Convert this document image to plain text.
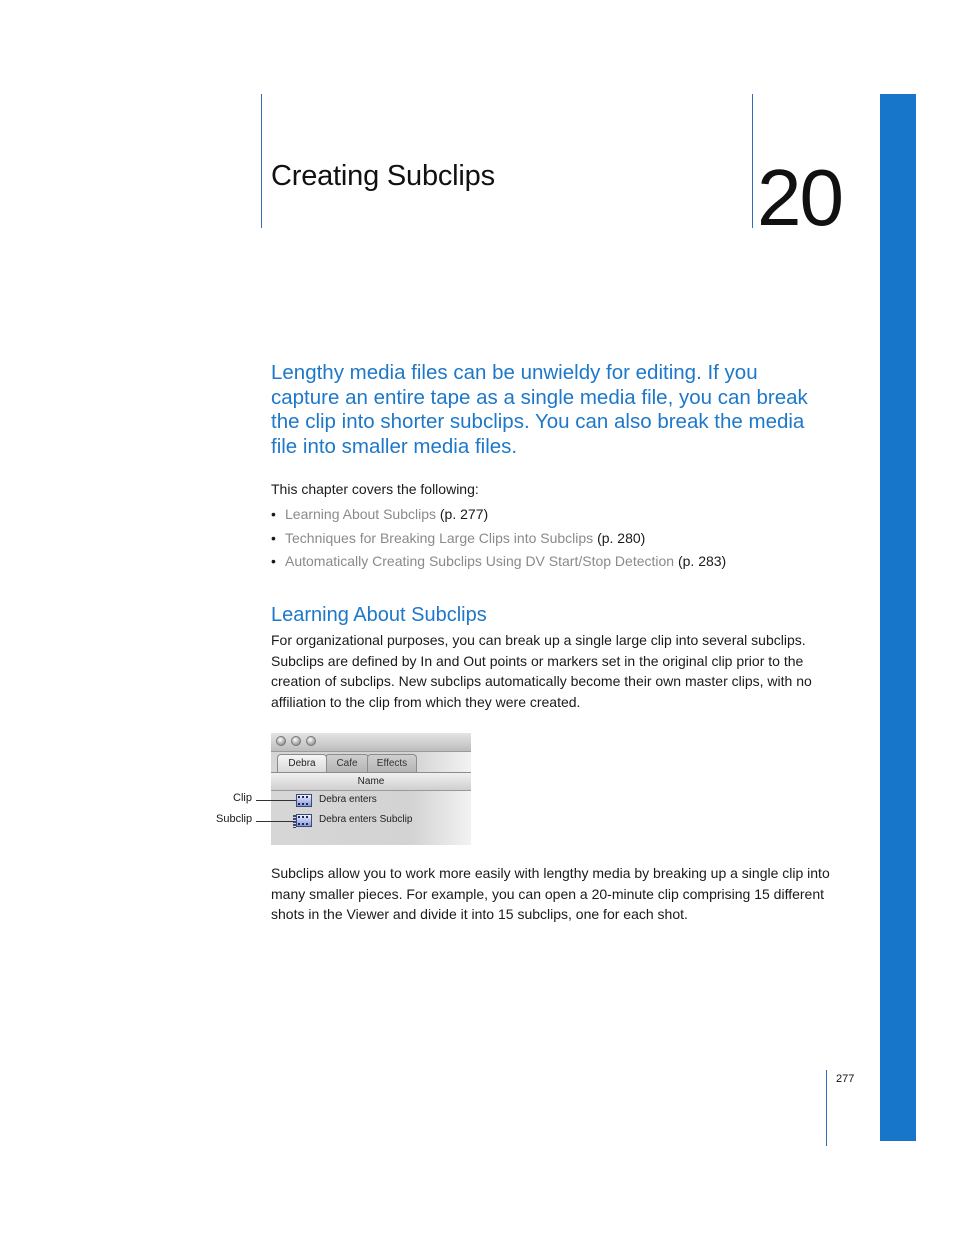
Creating Subclips	20
Lengthy media files can be unwieldy for editing. If you capture an entire tape as a single media file, you can break the clip into shorter subclips. You can also break the media file into smaller media files.
This chapter covers the following:
• Learning About Subclips (p. 277)
• Techniques for Breaking Large Clips into Subclips (p. 280)
• Automatically Creating Subclips Using DV Start/Stop Detection (p. 283)
Learning About Subclips
For organizational purposes, you can break up a single large clip into several subclips. Subclips are defined by In and Out points or markers set in the original clip prior to the creation of subclips. New subclips automatically become their own master clips, with no affiliation to the clip from which they were created.
Debra	Cafe	Effects
Name
Debra enters
Debra enters Subclip
Clip
Subclip
Subclips allow you to work more easily with lengthy media by breaking up a single clip into many smaller pieces. For example, you can open a 20-minute clip comprising 15 different shots in the Viewer and divide it into 15 subclips, one for each shot.
277
